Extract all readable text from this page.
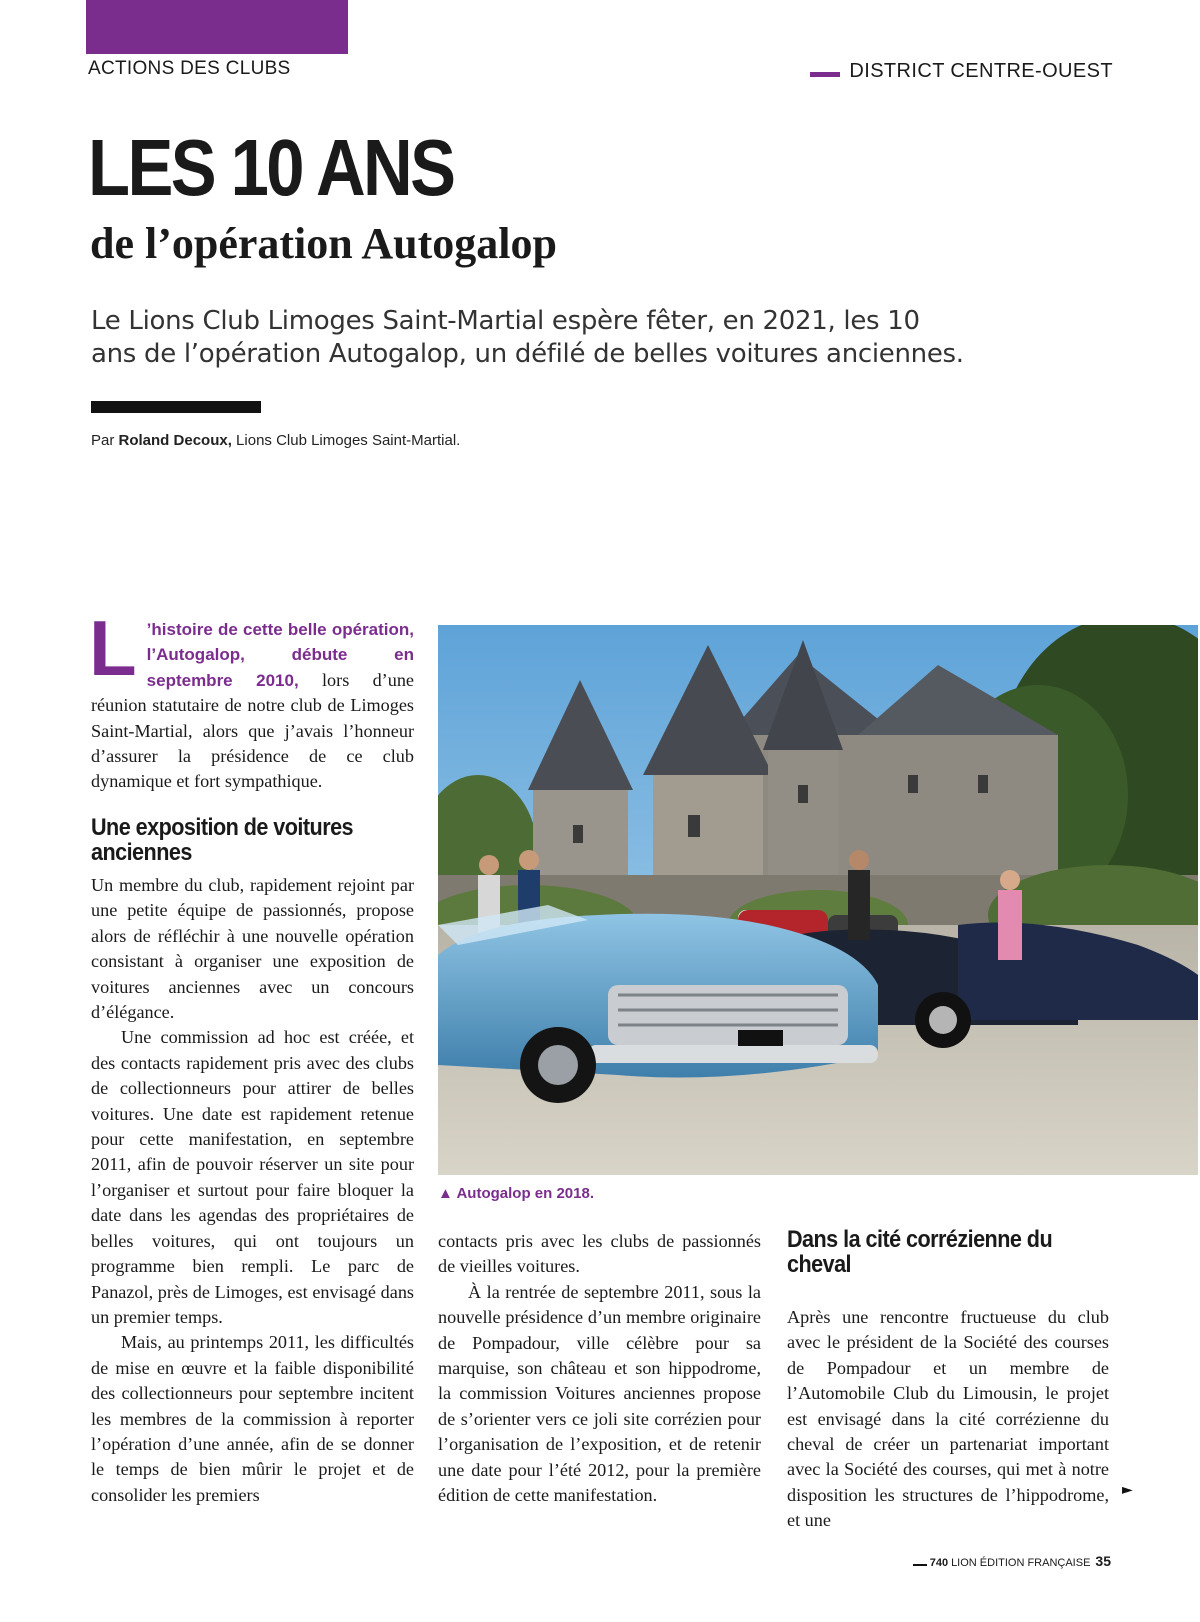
ACTIONS DES CLUBS	DISTRICT CENTRE-OUEST
LES 10 ANS
de l’opération Autogalop
Le Lions Club Limoges Saint-Martial espère fêter, en 2021, les 10 ans de l’opération Autogalop, un défilé de belles voitures anciennes.
Par Roland Decoux, Lions Club Limoges Saint-Martial.
L ’histoire de cette belle opération, l’Autogalop, débute en septembre 2010, lors d’une réunion statutaire de notre club de Limoges Saint-Martial, alors que j’avais l’honneur d’assurer la présidence de ce club dynamique et fort sympathique.
Une exposition de voitures anciennes

Un membre du club, rapidement rejoint par une petite équipe de passionnés, propose alors de réfléchir à une nouvelle opération consistant à organiser une exposition de voitures anciennes avec un concours d’élégance.

Une commission ad hoc est créée, et des contacts rapidement pris avec des clubs de collectionneurs pour attirer de belles voitures. Une date est rapidement retenue pour cette manifestation, en septembre 2011, afin de pouvoir réserver un site pour l’organiser et surtout pour faire bloquer la date dans les agendas des propriétaires de belles voitures, qui ont toujours un programme bien rempli. Le parc de Panazol, près de Limoges, est envisagé dans un premier temps.

Mais, au printemps 2011, les difficultés de mise en œuvre et la faible disponibilité des collectionneurs pour septembre incitent les membres de la commission à reporter l’opération d’une année, afin de se donner le temps de bien mûrir le projet et de consolider les premiers

▲ Autogalop en 2018.

contacts pris avec les clubs de passionnés de vieilles voitures.

À la rentrée de septembre 2011, sous la nouvelle présidence d’un membre originaire de Pompadour, ville célèbre pour sa marquise, son château et son hippodrome, la commission Voitures anciennes propose de s’orienter vers ce joli site corrézien pour l’organisation de l’exposition, et de retenir une date pour l’été 2012, pour la première édition de cette manifestation.

Dans la cité corrézienne du cheval

Après une rencontre fructueuse du club avec le président de la Société des courses de Pompadour et un membre de l’Automobile Club du Limousin, le projet est envisagé dans la cité corrézienne du cheval de créer un partenariat important avec la Société des courses, qui met à notre disposition les structures de l’hippodrome, et une

►
740 LION ÉDITION FRANÇAISE 35
